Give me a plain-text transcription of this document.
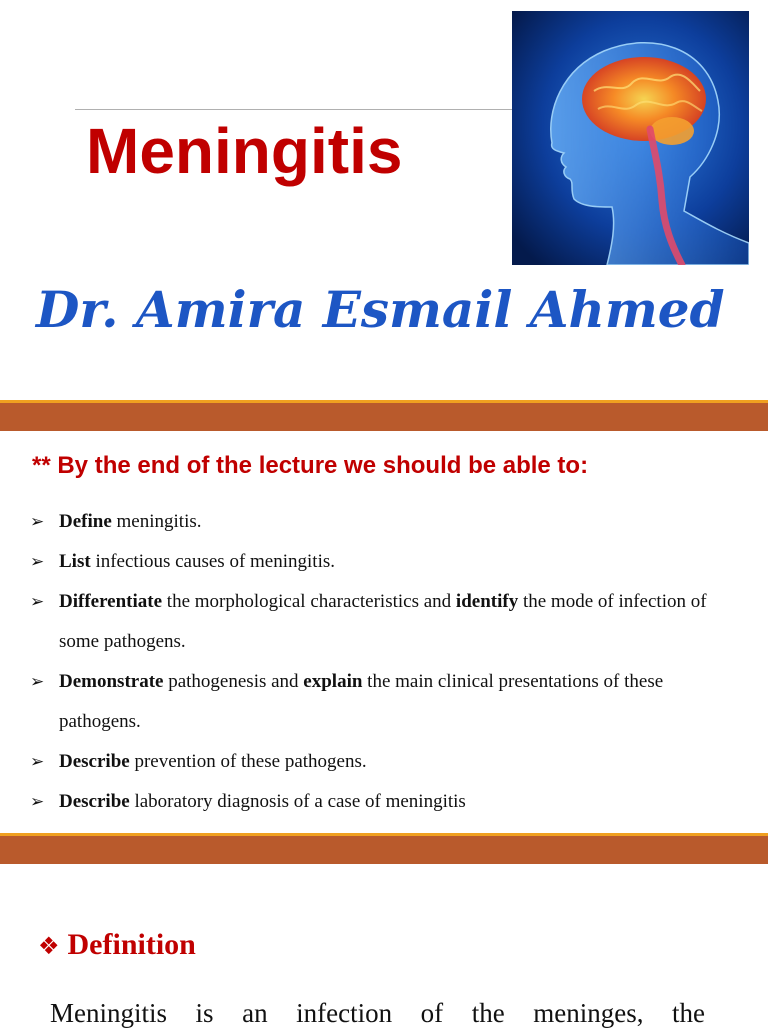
Meningitis
Dr. Amira Esmail Ahmed
** By the end of the lecture we should be able to:
➢ Define meningitis.
➢ List infectious causes of meningitis.
➢ Differentiate the morphological characteristics and identify the mode of infection of some pathogens.
➢ Demonstrate pathogenesis and explain the main clinical presentations of these pathogens.
➢ Describe prevention of these pathogens.
➢ Describe laboratory diagnosis of a case of meningitis
❖ Definition

Meningitis is an infection of the meninges, the
